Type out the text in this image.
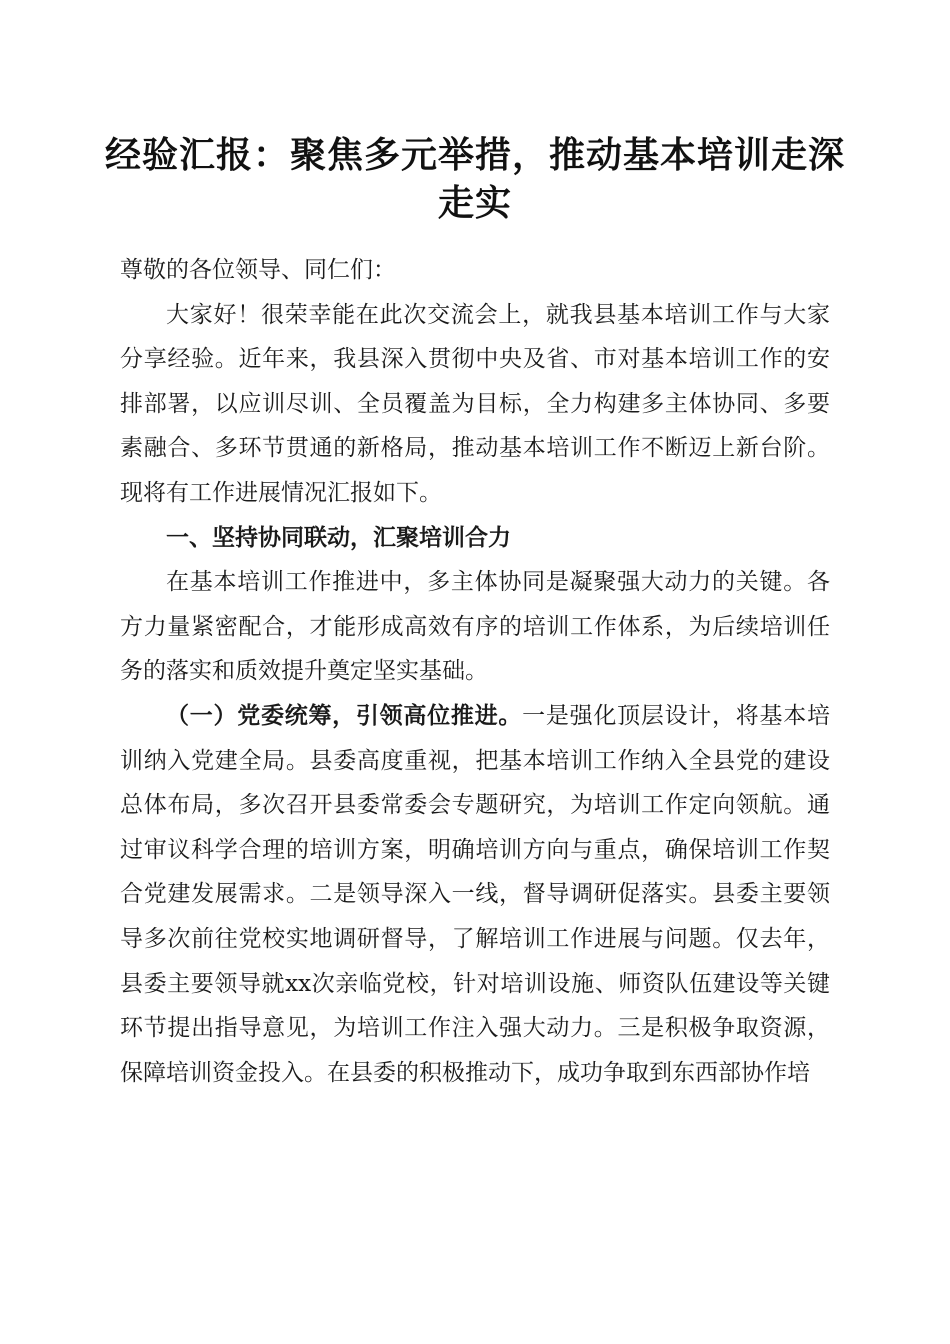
经验汇报：聚焦多元举措，推动基本培训走深走实

尊敬的各位领导、同仁们：

大家好！很荣幸能在此次交流会上，就我县基本培训工作与大家分享经验。近年来，我县深入贯彻中央及省、市对基本培训工作的安排部署，以应训尽训、全员覆盖为目标，全力构建多主体协同、多要素融合、多环节贯通的新格局，推动基本培训工作不断迈上新台阶。现将有工作进展情况汇报如下。

一、坚持协同联动，汇聚培训合力

在基本培训工作推进中，多主体协同是凝聚强大动力的关键。各方力量紧密配合，才能形成高效有序的培训工作体系，为后续培训任务的落实和质效提升奠定坚实基础。

（一）党委统筹，引领高位推进。一是强化顶层设计，将基本培训纳入党建全局。县委高度重视，把基本培训工作纳入全县党的建设总体布局，多次召开县委常委会专题研究，为培训工作定向领航。通过审议科学合理的培训方案，明确培训方向与重点，确保培训工作契合党建发展需求。二是领导深入一线，督导调研促落实。县委主要领导多次前往党校实地调研督导，了解培训工作进展与问题。仅去年，县委主要领导就xx次亲临党校，针对培训设施、师资队伍建设等关键环节提出指导意见，为培训工作注入强大动力。三是积极争取资源，保障培训资金投入。在县委的积极推动下，成功争取到东西部协作培
